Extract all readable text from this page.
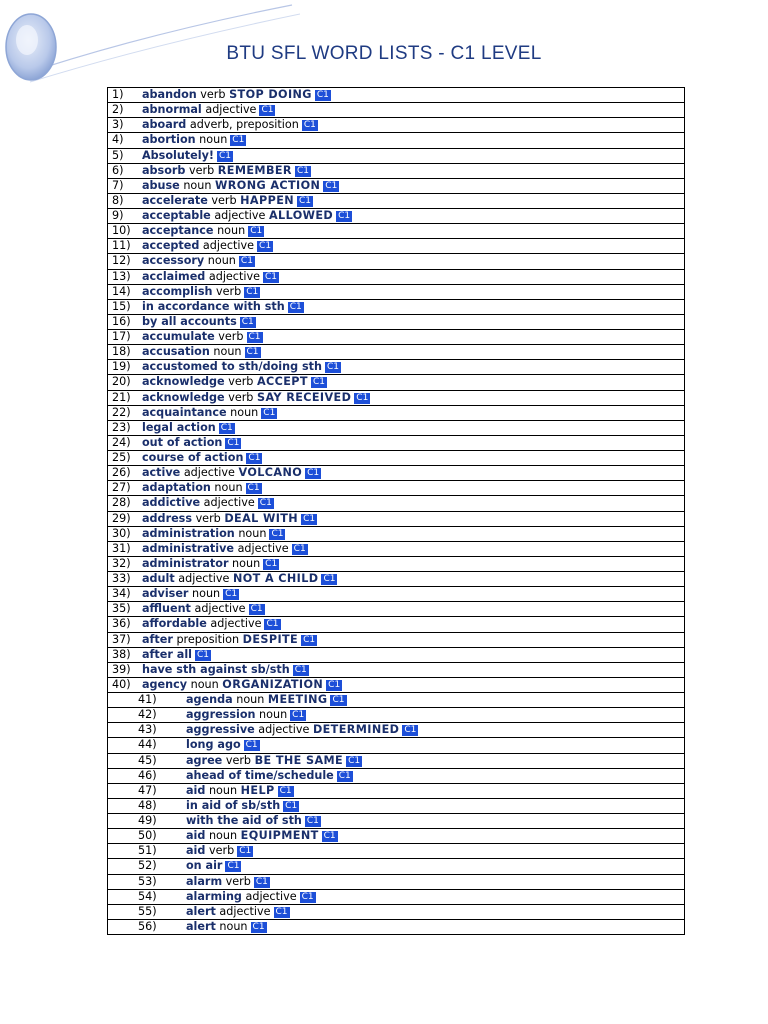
BTU SFL WORD LISTS - C1 LEVEL
1) abandon verb STOP DOING C1
2) abnormal adjective C1
3) aboard adverb, preposition C1
4) abortion noun C1
5) Absolutely! C1
6) absorb verb REMEMBER C1
7) abuse noun WRONG ACTION C1
8) accelerate verb HAPPEN C1
9) acceptable adjective ALLOWED C1
10) acceptance noun C1
11) accepted adjective C1
12) accessory noun C1
13) acclaimed adjective C1
14) accomplish verb C1
15) in accordance with sth C1
16) by all accounts C1
17) accumulate verb C1
18) accusation noun C1
19) accustomed to sth/doing sth C1
20) acknowledge verb ACCEPT C1
21) acknowledge verb SAY RECEIVED C1
22) acquaintance noun C1
23) legal action C1
24) out of action C1
25) course of action C1
26) active adjective VOLCANO C1
27) adaptation noun C1
28) addictive adjective C1
29) address verb DEAL WITH C1
30) administration noun C1
31) administrative adjective C1
32) administrator noun C1
33) adult adjective NOT A CHILD C1
34) adviser noun C1
35) affluent adjective C1
36) affordable adjective C1
37) after preposition DESPITE C1
38) after all C1
39) have sth against sb/sth C1
40) agency noun ORGANIZATION C1
41)	agenda noun MEETING C1
42)	aggression noun C1
43)	aggressive adjective DETERMINED C1
44)	long ago C1
45)	agree verb BE THE SAME C1
46)	ahead of time/schedule C1
47)	aid noun HELP C1
48)	in aid of sb/sth C1
49)	with the aid of sth C1
50)	aid noun EQUIPMENT C1
51)	aid verb C1
52)	on air C1
53)	alarm verb C1
54)	alarming adjective C1
55)	alert adjective C1
56)	alert noun C1
